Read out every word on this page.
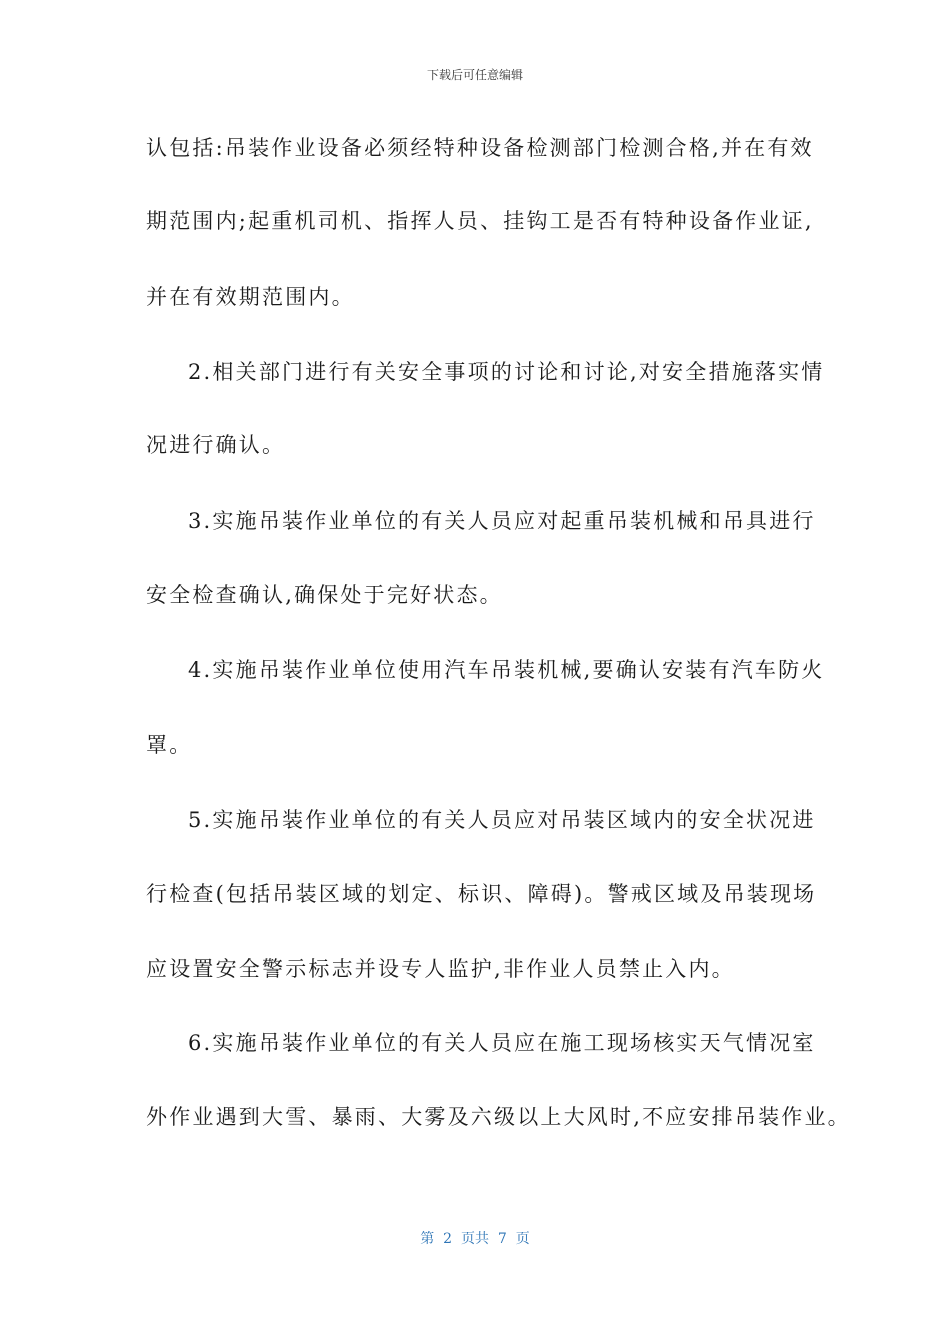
下载后可任意编辑
认包括:吊装作业设备必须经特种设备检测部门检测合格,并在有效
期范围内;起重机司机、指挥人员、挂钩工是否有特种设备作业证,
并在有效期范围内。
2.相关部门进行有关安全事项的讨论和讨论,对安全措施落实情
况进行确认。
3.实施吊装作业单位的有关人员应对起重吊装机械和吊具进行
安全检查确认,确保处于完好状态。
4.实施吊装作业单位使用汽车吊装机械,要确认安装有汽车防火
罩。
5.实施吊装作业单位的有关人员应对吊装区域内的安全状况进
行检查(包括吊装区域的划定、标识、障碍)。警戒区域及吊装现场
应设置安全警示标志并设专人监护,非作业人员禁止入内。
6.实施吊装作业单位的有关人员应在施工现场核实天气情况室
外作业遇到大雪、暴雨、大雾及六级以上大风时,不应安排吊装作业。
第  2  页共  7  页
